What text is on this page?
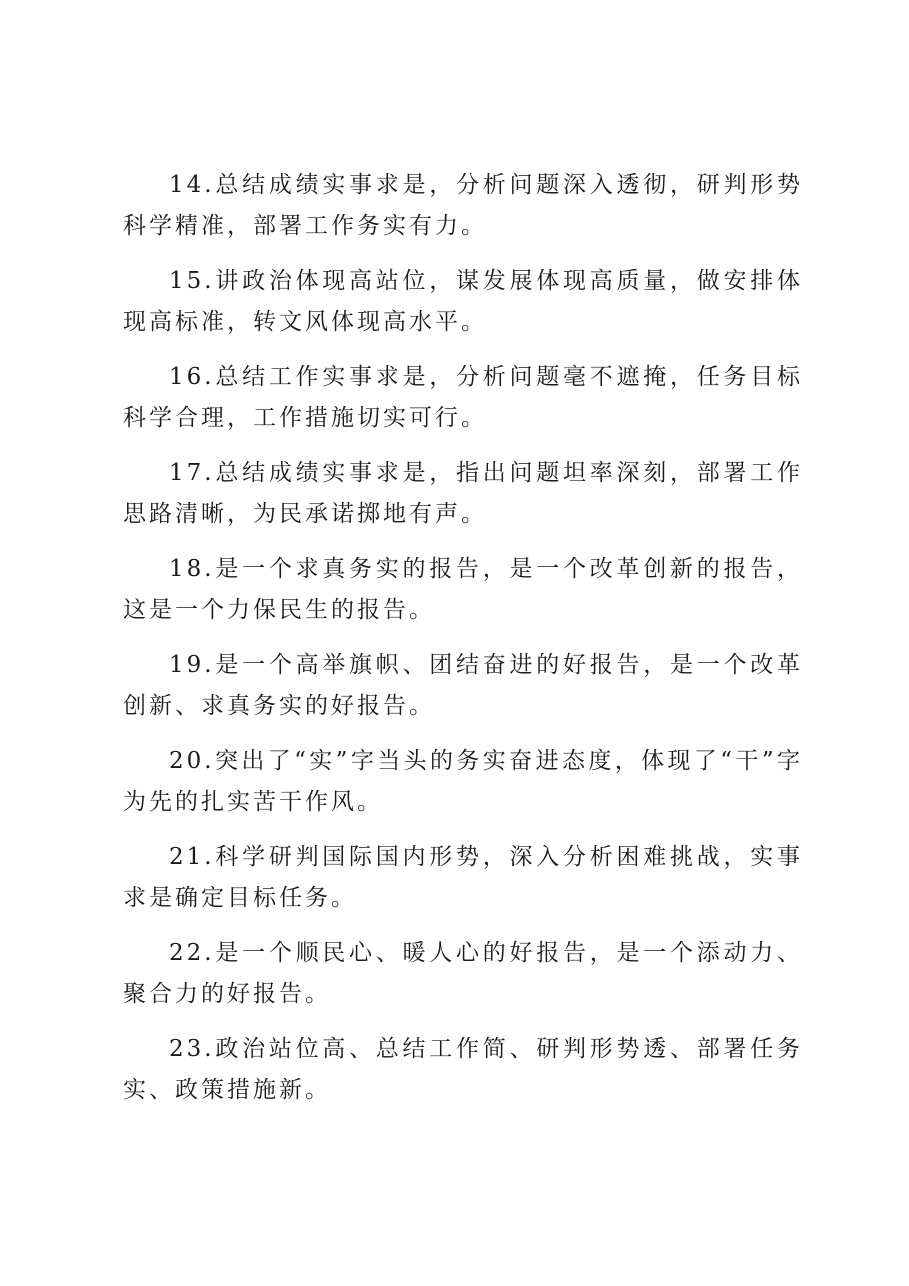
14.总结成绩实事求是，分析问题深入透彻，研判形势科学精准，部署工作务实有力。

15.讲政治体现高站位，谋发展体现高质量，做安排体现高标准，转文风体现高水平。

16.总结工作实事求是，分析问题毫不遮掩，任务目标科学合理，工作措施切实可行。

17.总结成绩实事求是，指出问题坦率深刻，部署工作思路清晰，为民承诺掷地有声。

18.是一个求真务实的报告，是一个改革创新的报告，这是一个力保民生的报告。

19.是一个高举旗帜、团结奋进的好报告，是一个改革创新、求真务实的好报告。

20.突出了“实”字当头的务实奋进态度，体现了“干”字为先的扎实苦干作风。

21.科学研判国际国内形势，深入分析困难挑战，实事求是确定目标任务。

22.是一个顺民心、暖人心的好报告，是一个添动力、聚合力的好报告。

23.政治站位高、总结工作简、研判形势透、部署任务实、政策措施新。
